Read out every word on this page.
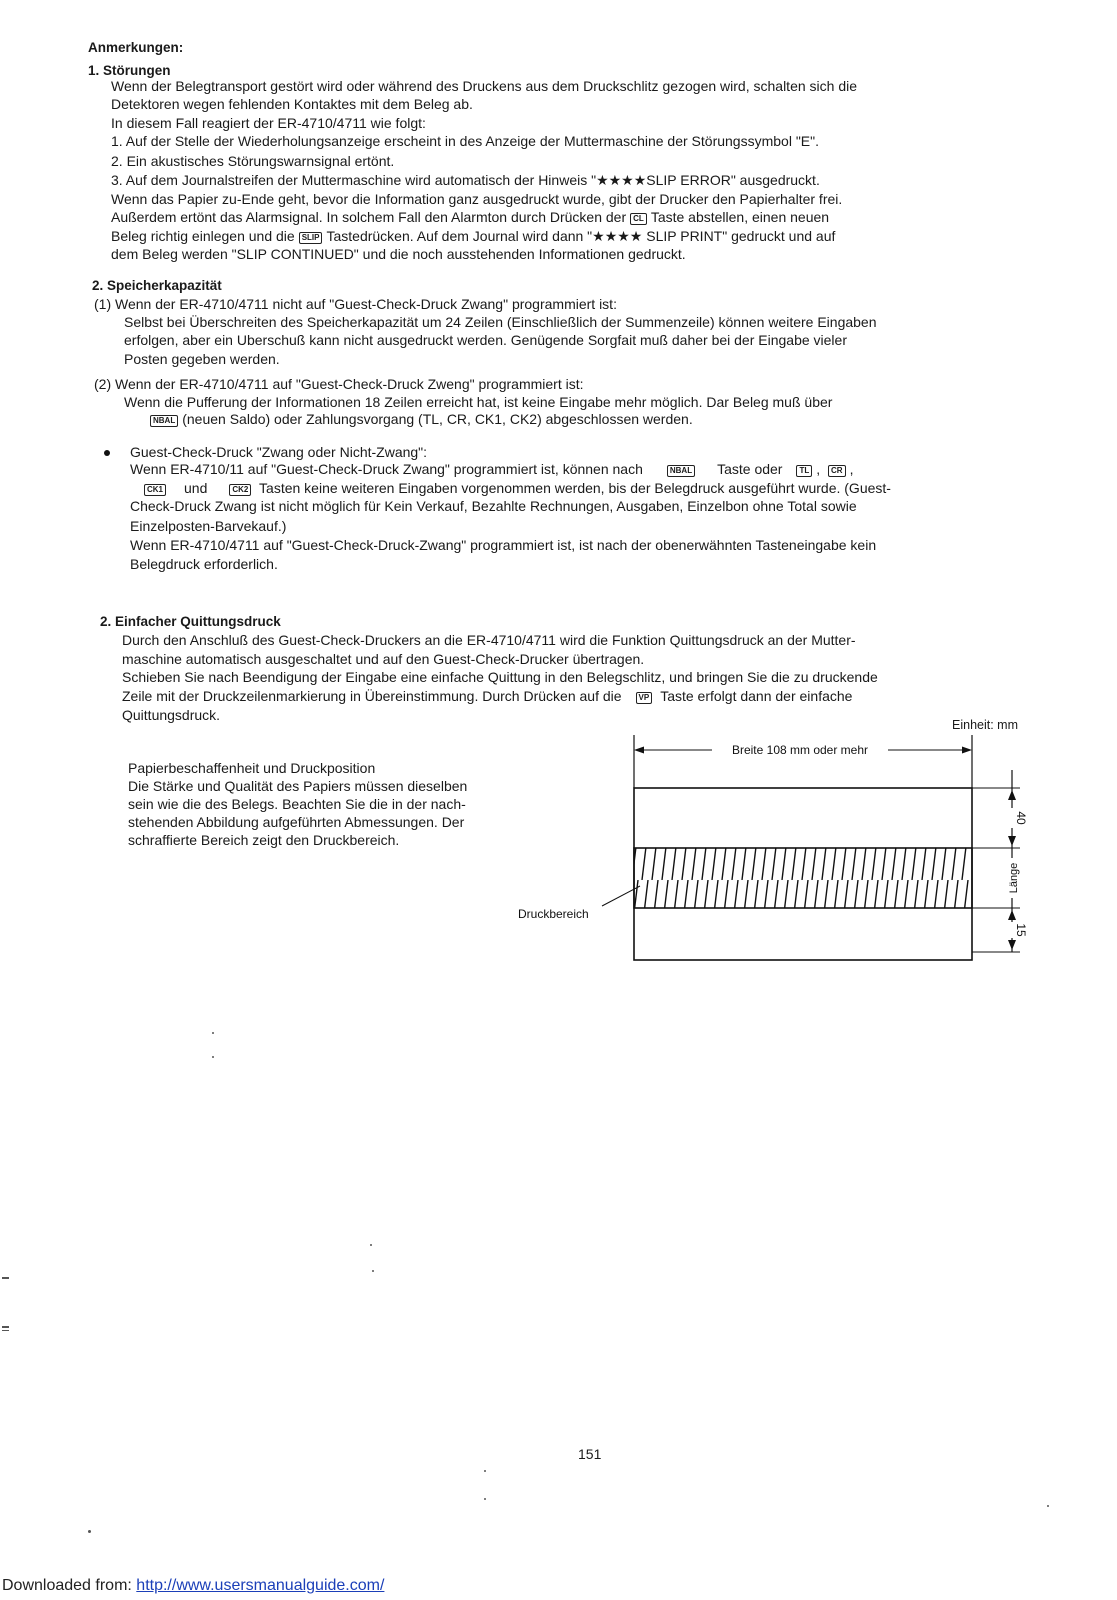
Anmerkungen:
1. Störungen
Wenn der Belegtransport gestört wird oder während des Druckens aus dem Druckschlitz gezogen wird, schalten sich die
Detektoren wegen fehlenden Kontaktes mit dem Beleg ab.
In diesem Fall reagiert der ER-4710/4711 wie folgt:
1. Auf der Stelle der Wiederholungsanzeige erscheint in des Anzeige der Muttermaschine der Störungssymbol "E".
2. Ein akustisches Störungswarnsignal ertönt.
3. Auf dem Journalstreifen der Muttermaschine wird automatisch der Hinweis "★★★★SLIP ERROR" ausgedruckt.
Wenn das Papier zu-Ende geht, bevor die Information ganz ausgedruckt wurde, gibt der Drucker den Papierhalter frei.
Außerdem ertönt das Alarmsignal. In solchem Fall den Alarmton durch Drücken der CL Taste abstellen, einen neuen
Beleg richtig einlegen und die SLIP Tastedrücken. Auf dem Journal wird dann "★★★★ SLIP PRINT" gedruckt und auf
dem Beleg werden "SLIP CONTINUED" und die noch ausstehenden Informationen gedruckt.
2. Speicherkapazität
(1) Wenn der ER-4710/4711 nicht auf "Guest-Check-Druck Zwang" programmiert ist:
Selbst bei Überschreiten des Speicherkapazität um 24 Zeilen (Einschließlich der Summenzeile) können weitere Eingaben
erfolgen, aber ein Uberschuß kann nicht ausgedruckt werden. Genügende Sorgfait muß daher bei der Eingabe vieler
Posten gegeben werden.
(2) Wenn der ER-4710/4711 auf "Guest-Check-Druck Zweng" programmiert ist:
Wenn die Pufferung der Informationen 18 Zeilen erreicht hat, ist keine Eingabe mehr möglich. Dar Beleg muß über
NBAL (neuen Saldo) oder Zahlungsvorgang (TL, CR, CK1, CK2) abgeschlossen werden.
Guest-Check-Druck "Zwang oder Nicht-Zwang":
Wenn ER-4710/11 auf "Guest-Check-Druck Zwang" programmiert ist, können nach	NBAL Taste oder TL , CR ,
CK1 und	CK2 Tasten keine weiteren Eingaben vorgenommen werden, bis der Belegdruck ausgeführt wurde. (Guest-
Check-Druck Zwang ist nicht möglich für Kein Verkauf, Bezahlte Rechnungen, Ausgaben, Einzelbon ohne Total sowie
Einzelposten-Barvekauf.)
Wenn ER-4710/4711 auf "Guest-Check-Druck-Zwang" programmiert ist, ist nach der obenerwähnten Tasteneingabe kein
Belegdruck erforderlich.
2. Einfacher Quittungsdruck
Durch den Anschluß des Guest-Check-Druckers an die ER-4710/4711 wird die Funktion Quittungsdruck an der Mutter-
maschine automatisch ausgeschaltet und auf den Guest-Check-Drucker übertragen.
Schieben Sie nach Beendigung der Eingabe eine einfache Quittung in den Belegschlitz, und bringen Sie die zu druckende
Zeile mit der Druckzeilenmarkierung in Übereinstimmung. Durch Drücken auf die VP Taste erfolgt dann der einfache
Quittungsdruck.
Einheit: mm
Papierbeschaffenheit und Druckposition
Die Stärke und Qualität des Papiers müssen dieselben
sein wie die des Belegs. Beachten Sie die in der nach-
stehenden Abbildung aufgeführten Abmessungen. Der
schraffierte Bereich zeigt den Druckbereich.
Breite 108 mm oder mehr
40
Länge
15
Druckbereich
151
Downloaded from: http://www.usersmanualguide.com/
